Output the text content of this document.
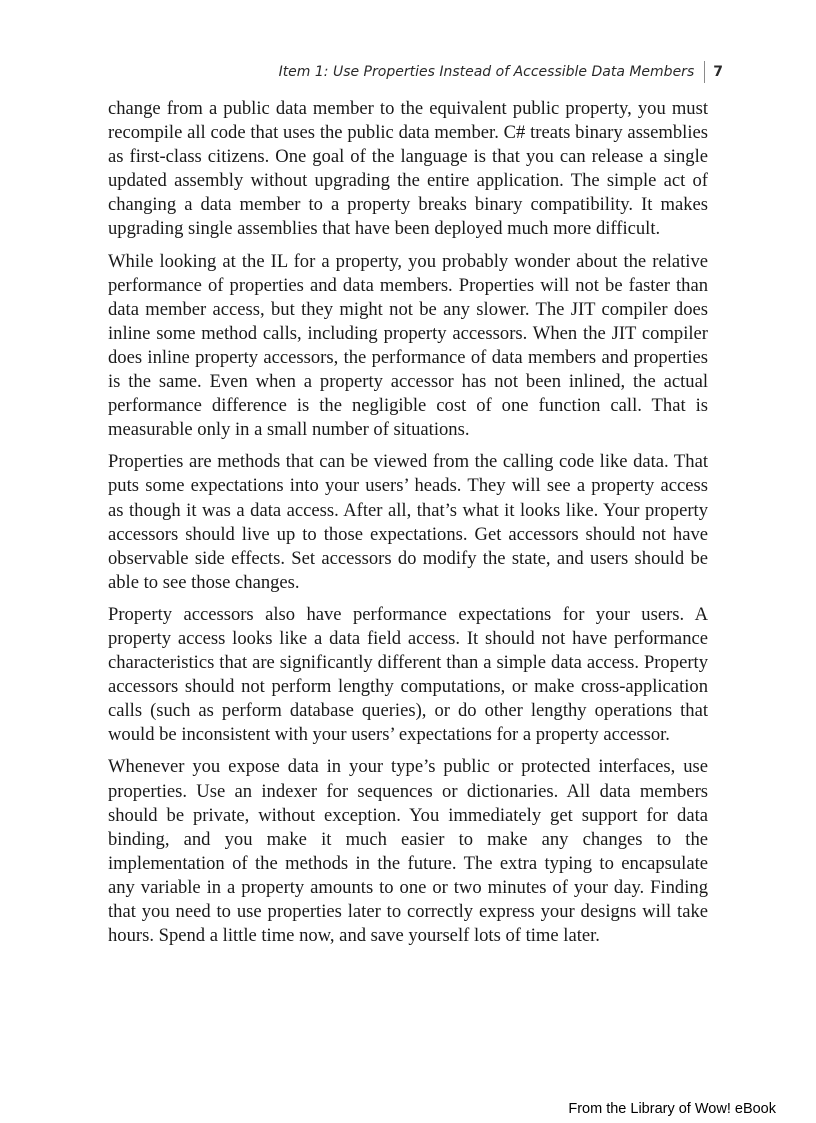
Item 1: Use Properties Instead of Accessible Data Members 7

change from a public data member to the equivalent public property, you must recompile all code that uses the public data member. C# treats binary assemblies as first-class citizens. One goal of the language is that you can release a single updated assembly without upgrading the entire application. The simple act of changing a data member to a property breaks binary compatibility. It makes upgrading single assemblies that have been deployed much more difficult.

While looking at the IL for a property, you probably wonder about the relative performance of properties and data members. Properties will not be faster than data member access, but they might not be any slower. The JIT compiler does inline some method calls, including property accessors. When the JIT compiler does inline property accessors, the performance of data members and properties is the same. Even when a property accessor has not been inlined, the actual performance difference is the negligible cost of one function call. That is measurable only in a small number of situations.

Properties are methods that can be viewed from the calling code like data. That puts some expectations into your users’ heads. They will see a property access as though it was a data access. After all, that’s what it looks like. Your property accessors should live up to those expectations. Get accessors should not have observable side effects. Set accessors do modify the state, and users should be able to see those changes.

Property accessors also have performance expectations for your users. A property access looks like a data field access. It should not have performance characteristics that are significantly different than a simple data access. Property accessors should not perform lengthy computations, or make cross-application calls (such as perform database queries), or do other lengthy operations that would be inconsistent with your users’ expectations for a property accessor.

Whenever you expose data in your type’s public or protected interfaces, use properties. Use an indexer for sequences or dictionaries. All data members should be private, without exception. You immediately get support for data binding, and you make it much easier to make any changes to the implementation of the methods in the future. The extra typing to encapsulate any variable in a property amounts to one or two minutes of your day. Finding that you need to use properties later to correctly express your designs will take hours. Spend a little time now, and save yourself lots of time later.

From the Library of Wow! eBook
